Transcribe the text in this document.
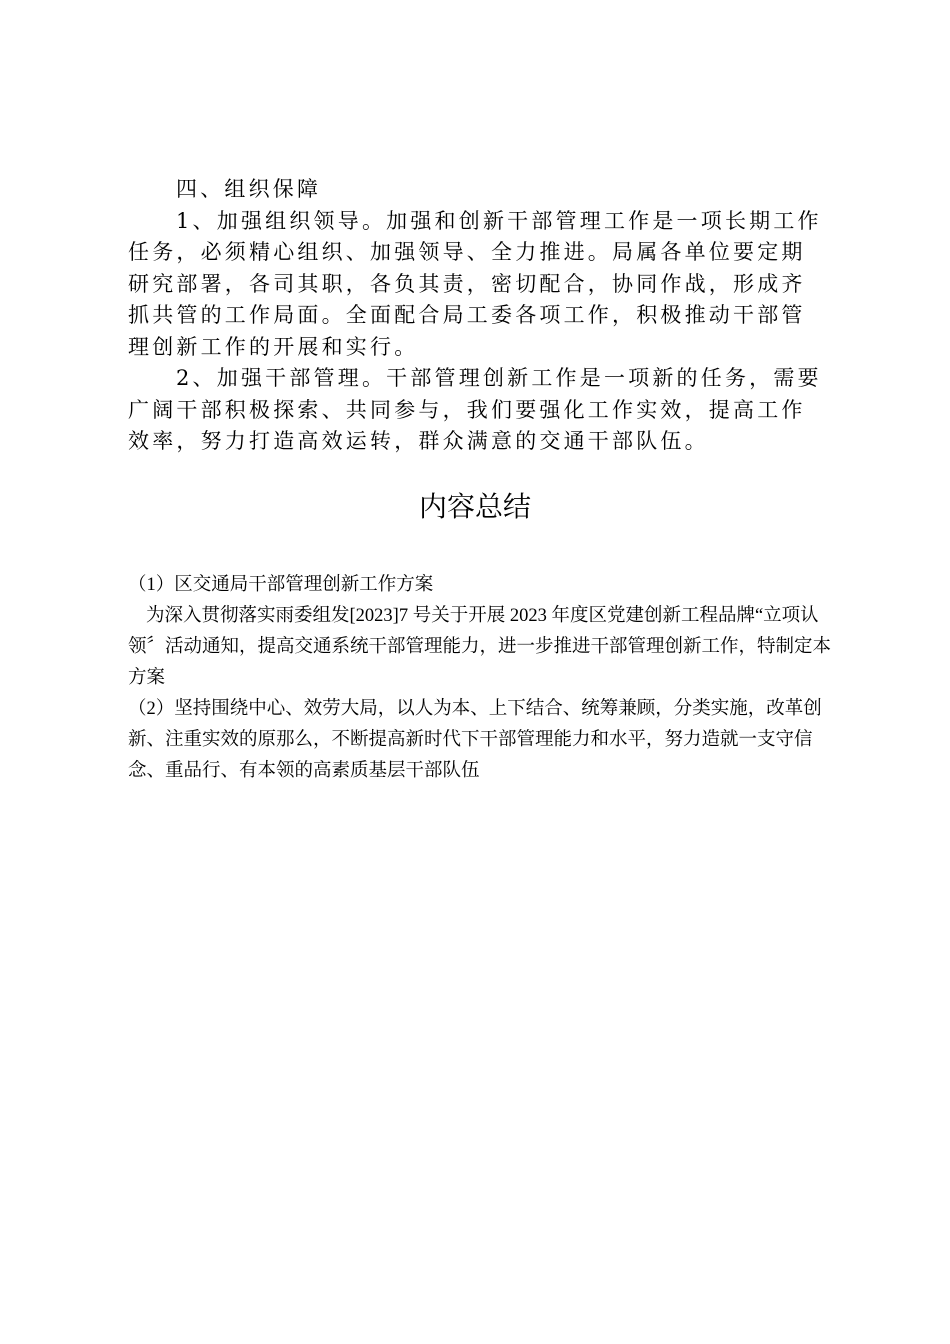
四、组织保障

1、加强组织领导。加强和创新干部管理工作是一项长期工作任务，必须精心组织、加强领导、全力推进。局属各单位要定期研究部署，各司其职，各负其责，密切配合，协同作战，形成齐抓共管的工作局面。全面配合局工委各项工作，积极推动干部管理创新工作的开展和实行。

2、加强干部管理。干部管理创新工作是一项新的任务，需要广阔干部积极探索、共同参与，我们要强化工作实效，提高工作效率，努力打造高效运转，群众满意的交通干部队伍。

内容总结

（1）区交通局干部管理创新工作方案

为深入贯彻落实雨委组发[2023]7 号关于开展 2023 年度区党建创新工程品牌“立项认领〞活动通知，提高交通系统干部管理能力，进一步推进干部管理创新工作，特制定本方案

（2）坚持围绕中心、效劳大局，以人为本、上下结合、统筹兼顾，分类实施，改革创新、注重实效的原那么，不断提高新时代下干部管理能力和水平，努力造就一支守信念、重品行、有本领的高素质基层干部队伍
